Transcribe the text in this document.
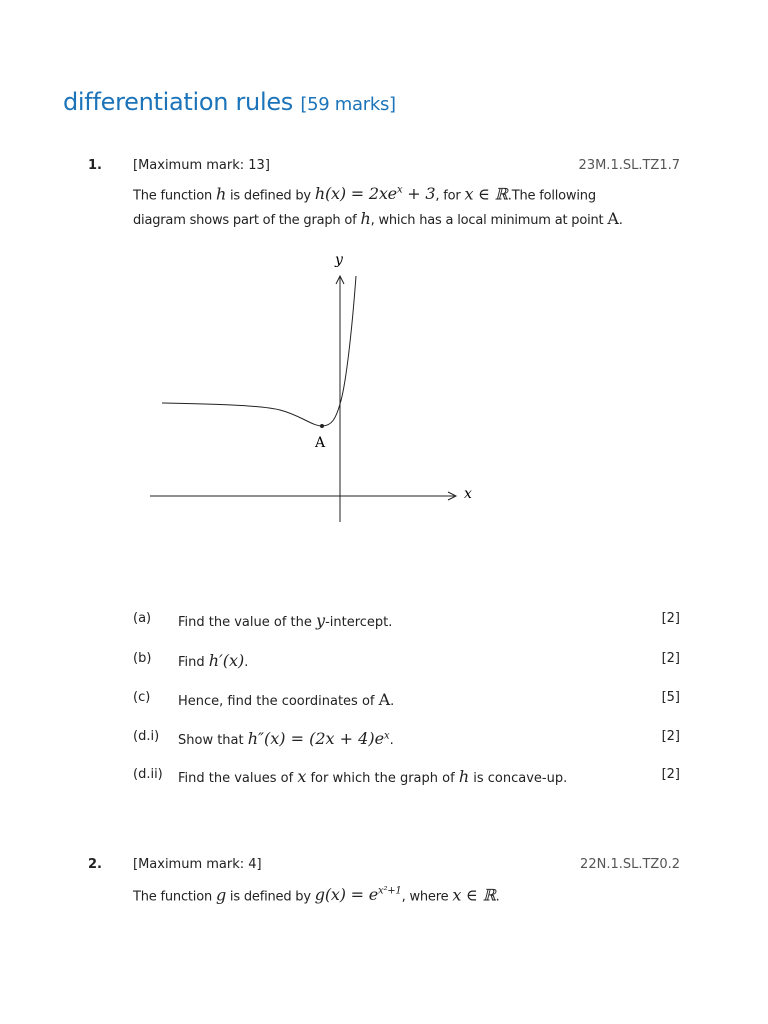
differentiation rules [59 marks]
1. [Maximum mark: 13]	23M.1.SL.TZ1.7
The function h is defined by $h(x) = 2xe^x + 3$, for x ∈ ℝ.The following
diagram shows part of the graph of h, which has a local minimum at point A.
y
x
A
(a) Find the value of the y-intercept.	[2]
(b) Find h′(x).	[2]
(c) Hence, find the coordinates of A.	[5]
(d.i) Show that $h''(x) = (2x + 4)e^x$.	[2]
(d.ii) Find the values of x for which the graph of h is concave-up.	[2]
2. [Maximum mark: 4]	22N.1.SL.TZ0.2
The function g is defined by $g(x) = e^{x^2+1}$, where x ∈ ℝ.
